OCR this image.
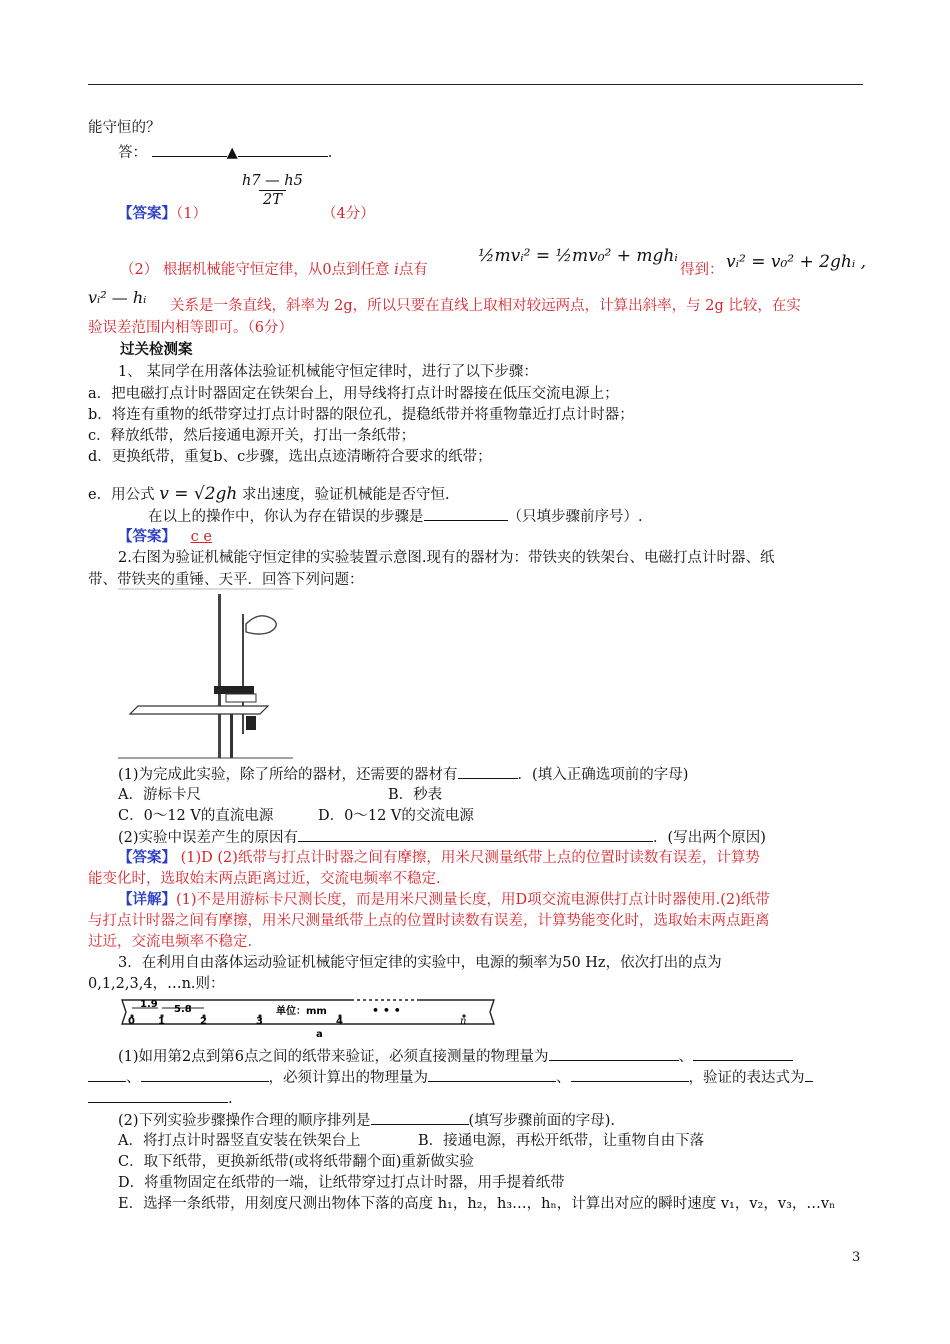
能守恒的？
答：	▲	.
$\frac{h7 — h5}{2T}$
【答案】（1）	（4分）
（2） 根据机械能守恒定律，从0点到任意 i点有
½mvᵢ² = ½mv₀² + mghᵢ
得到： vᵢ² = v₀² + 2ghᵢ ,
vᵢ² — hᵢ 关系是一条直线，斜率为 2g，所以只要在直线上取相对较远两点，计算出斜率，与 2g 比较，在实
验误差范围内相等即可。（6分）
过关检测案
1、 某同学在用落体法验证机械能守恒定律时，进行了以下步骤：
a．把电磁打点计时器固定在铁架台上，用导线将打点计时器接在低压交流电源上；
b．将连有重物的纸带穿过打点计时器的限位孔，提稳纸带并将重物靠近打点计时器；
c．释放纸带，然后接通电源开关，打出一条纸带；
d．更换纸带，重复b、c步骤，选出点迹清晰符合要求的纸带；
e．用公式 v = √2gh 求出速度，验证机械能是否守恒.
在以上的操作中，你认为存在错误的步骤是	（只填步骤前序号）.
【答案】 c e
2.右图为验证机械能守恒定律的实验装置示意图.现有的器材为：带铁夹的铁架台、电磁打点计时器、纸
带、带铁夹的重锤、天平．回答下列问题：
(1)为完成此实验，除了所给的器材，还需要的器材有	．(填入正确选项前的字母)
A．游标卡尺	B．秒表
C．0～12 V的直流电源	D．0～12 V的交流电源
(2)实验中误差产生的原因有	．(写出两个原因)
【答案】 (1)D (2)纸带与打点计时器之间有摩擦，用米尺测量纸带上点的位置时读数有误差，计算势
能变化时，选取始末两点距离过近，交流电频率不稳定.
【详解】(1)不是用游标卡尺测长度，而是用米尺测量长度，用D项交流电源供打点计时器使用.(2)纸带
与打点计时器之间有摩擦，用米尺测量纸带上点的位置时读数有误差，计算势能变化时，选取始末两点距离
过近，交流电频率不稳定.
3．在利用自由落体运动验证机械能守恒定律的实验中，电源的频率为50 Hz，依次打出的点为
0,1,2,3,4，…n.则：
1.9 5.8	单位：mm	• • •
0 1	2	3	4	n
a
(1)如用第2点到第6点之间的纸带来验证，必须直接测量的物理量为	、
、	，必须计算出的物理量为	、	，验证的表达式为
.
(2)下列实验步骤操作合理的顺序排列是	(填写步骤前面的字母).
A．将打点计时器竖直安装在铁架台上	B．接通电源，再松开纸带，让重物自由下落
C．取下纸带，更换新纸带(或将纸带翻个面)重新做实验
D．将重物固定在纸带的一端，让纸带穿过打点计时器，用手提着纸带
E．选择一条纸带，用刻度尺测出物体下落的高度 h₁，h₂，h₃…，hₙ，计算出对应的瞬时速度 v₁，v₂，v₃，…vₙ
3
